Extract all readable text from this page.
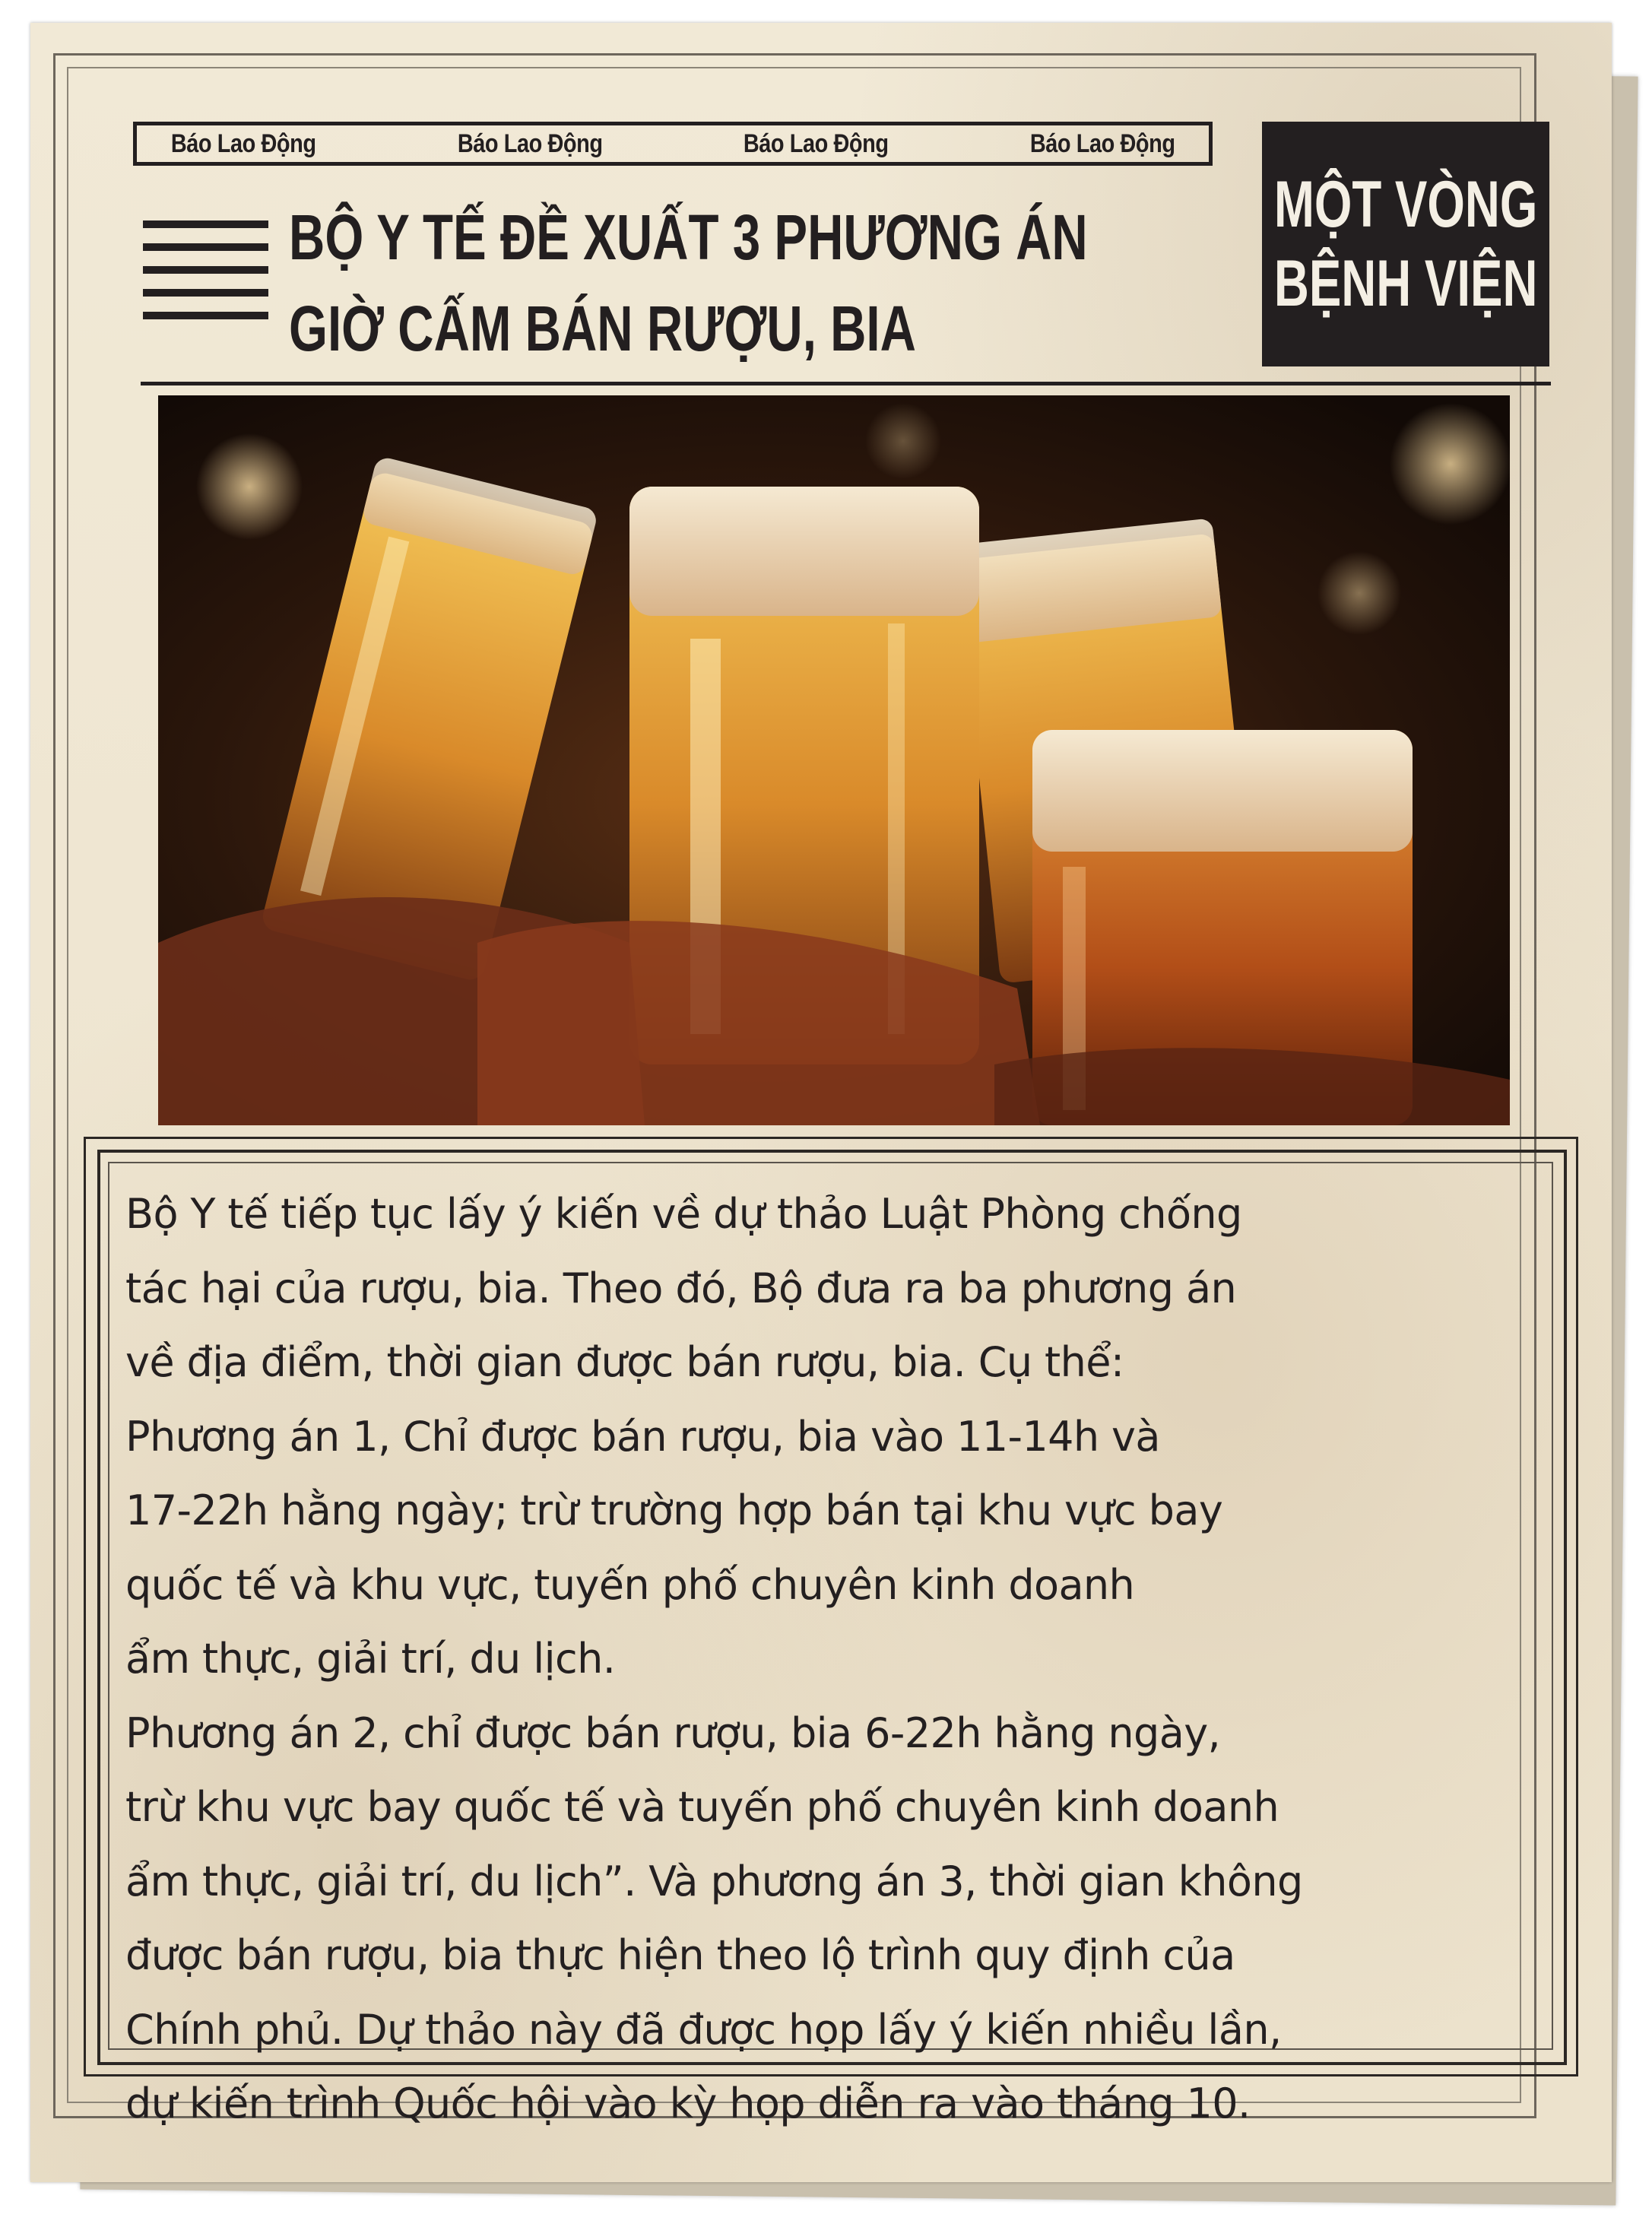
Báo Lao Động	Báo Lao Động	Báo Lao Động	Báo Lao Động
BỘ Y TẾ ĐỀ XUẤT 3 PHƯƠNG ÁN
GIỜ CẤM BÁN RƯỢU, BIA
MỘT VÒNG
BỆNH VIỆN

Bộ Y tế tiếp tục lấy ý kiến về dự thảo Luật Phòng chống

tác hại của rượu, bia. Theo đó, Bộ đưa ra ba phương án

về địa điểm, thời gian được bán rượu, bia. Cụ thể:

Phương án 1, Chỉ được bán rượu, bia vào 11-14h và

17-22h hằng ngày; trừ trường hợp bán tại khu vực bay

quốc tế và khu vực, tuyến phố chuyên kinh doanh

ẩm thực, giải trí, du lịch.

Phương án 2, chỉ được bán rượu, bia 6-22h hằng ngày,

trừ khu vực bay quốc tế và tuyến phố chuyên kinh doanh

ẩm thực, giải trí, du lịch”. Và phương án 3, thời gian không

được bán rượu, bia thực hiện theo lộ trình quy định của

Chính phủ. Dự thảo này đã được họp lấy ý kiến nhiều lần,

dự kiến trình Quốc hội vào kỳ họp diễn ra vào tháng 10.
